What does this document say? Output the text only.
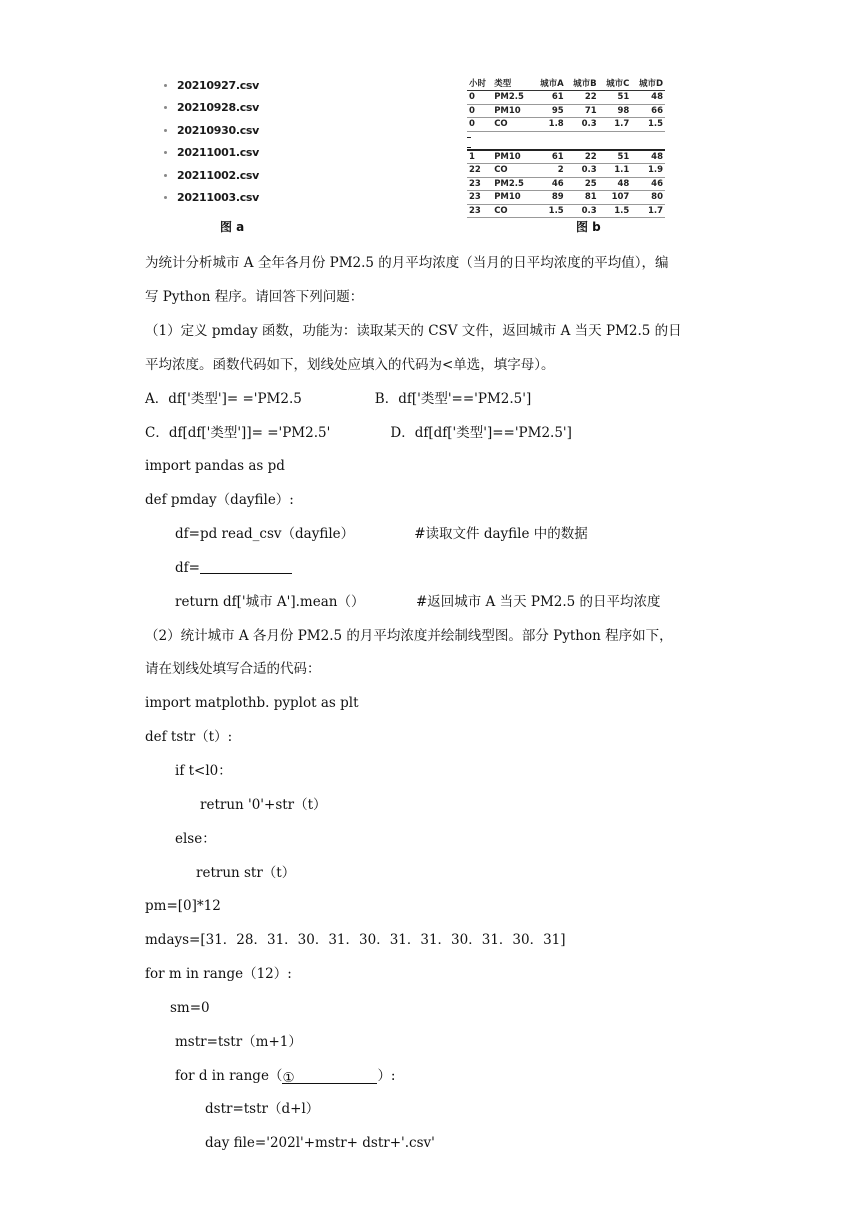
20210927.csv
20210928.csv
20210930.csv
20211001.csv
20211002.csv
20211003.csv
图 a
小时	类型	城市A	城市B	城市C	城市D
0	PM2.5	61	22	51	48
0	PM10	95	71	98	66
0	CO	1.8	0.3	1.7	1.5
1	PM10	61	22	51	48
22	CO	2	0.3	1.1	1.9
23	PM2.5	46	25	48	46
23	PM10	89	81	107	80
23	CO	1.5	0.3	1.5	1.7
图 b
为统计分析城市 A 全年各月份 PM2.5 的月平均浓度（当月的日平均浓度的平均值），编
写 Python 程序。请回答下列问题：
（1）定义 pmday 函数，功能为：读取某天的 CSV 文件，返回城市 A 当天 PM2.5 的日
平均浓度。函数代码如下，划线处应填入的代码为<单选，填字母）。
A．df['类型']= ='PM2.5                 B．df['类型'=='PM2.5']
C．df[df['类型']]= ='PM2.5'              D．df[df['类型']=='PM2.5']
import pandas as pd
def pmday（dayfile）:
df=pd read_csv（dayfile）              #读取文件 dayfile 中的数据
df=
return df['城市 A'].mean（）            #返回城市 A 当天 PM2.5 的日平均浓度
（2）统计城市 A 各月份 PM2.5 的月平均浓度并绘制线型图。部分 Python 程序如下，
请在划线处填写合适的代码：
import matplothb. pyplot as plt
def tstr（t）:
if t<l0：
retrun '0'+str（t）
else：
retrun str（t）
pm=[0]*12
mdays=[31．28．31．30．31．30．31．31．30．31．30．31]
for m in range（12）:
sm=0
mstr=tstr（m+1）
for d in range（①	）:
dstr=tstr（d+l）
day file='202l'+mstr+ dstr+'.csv'
